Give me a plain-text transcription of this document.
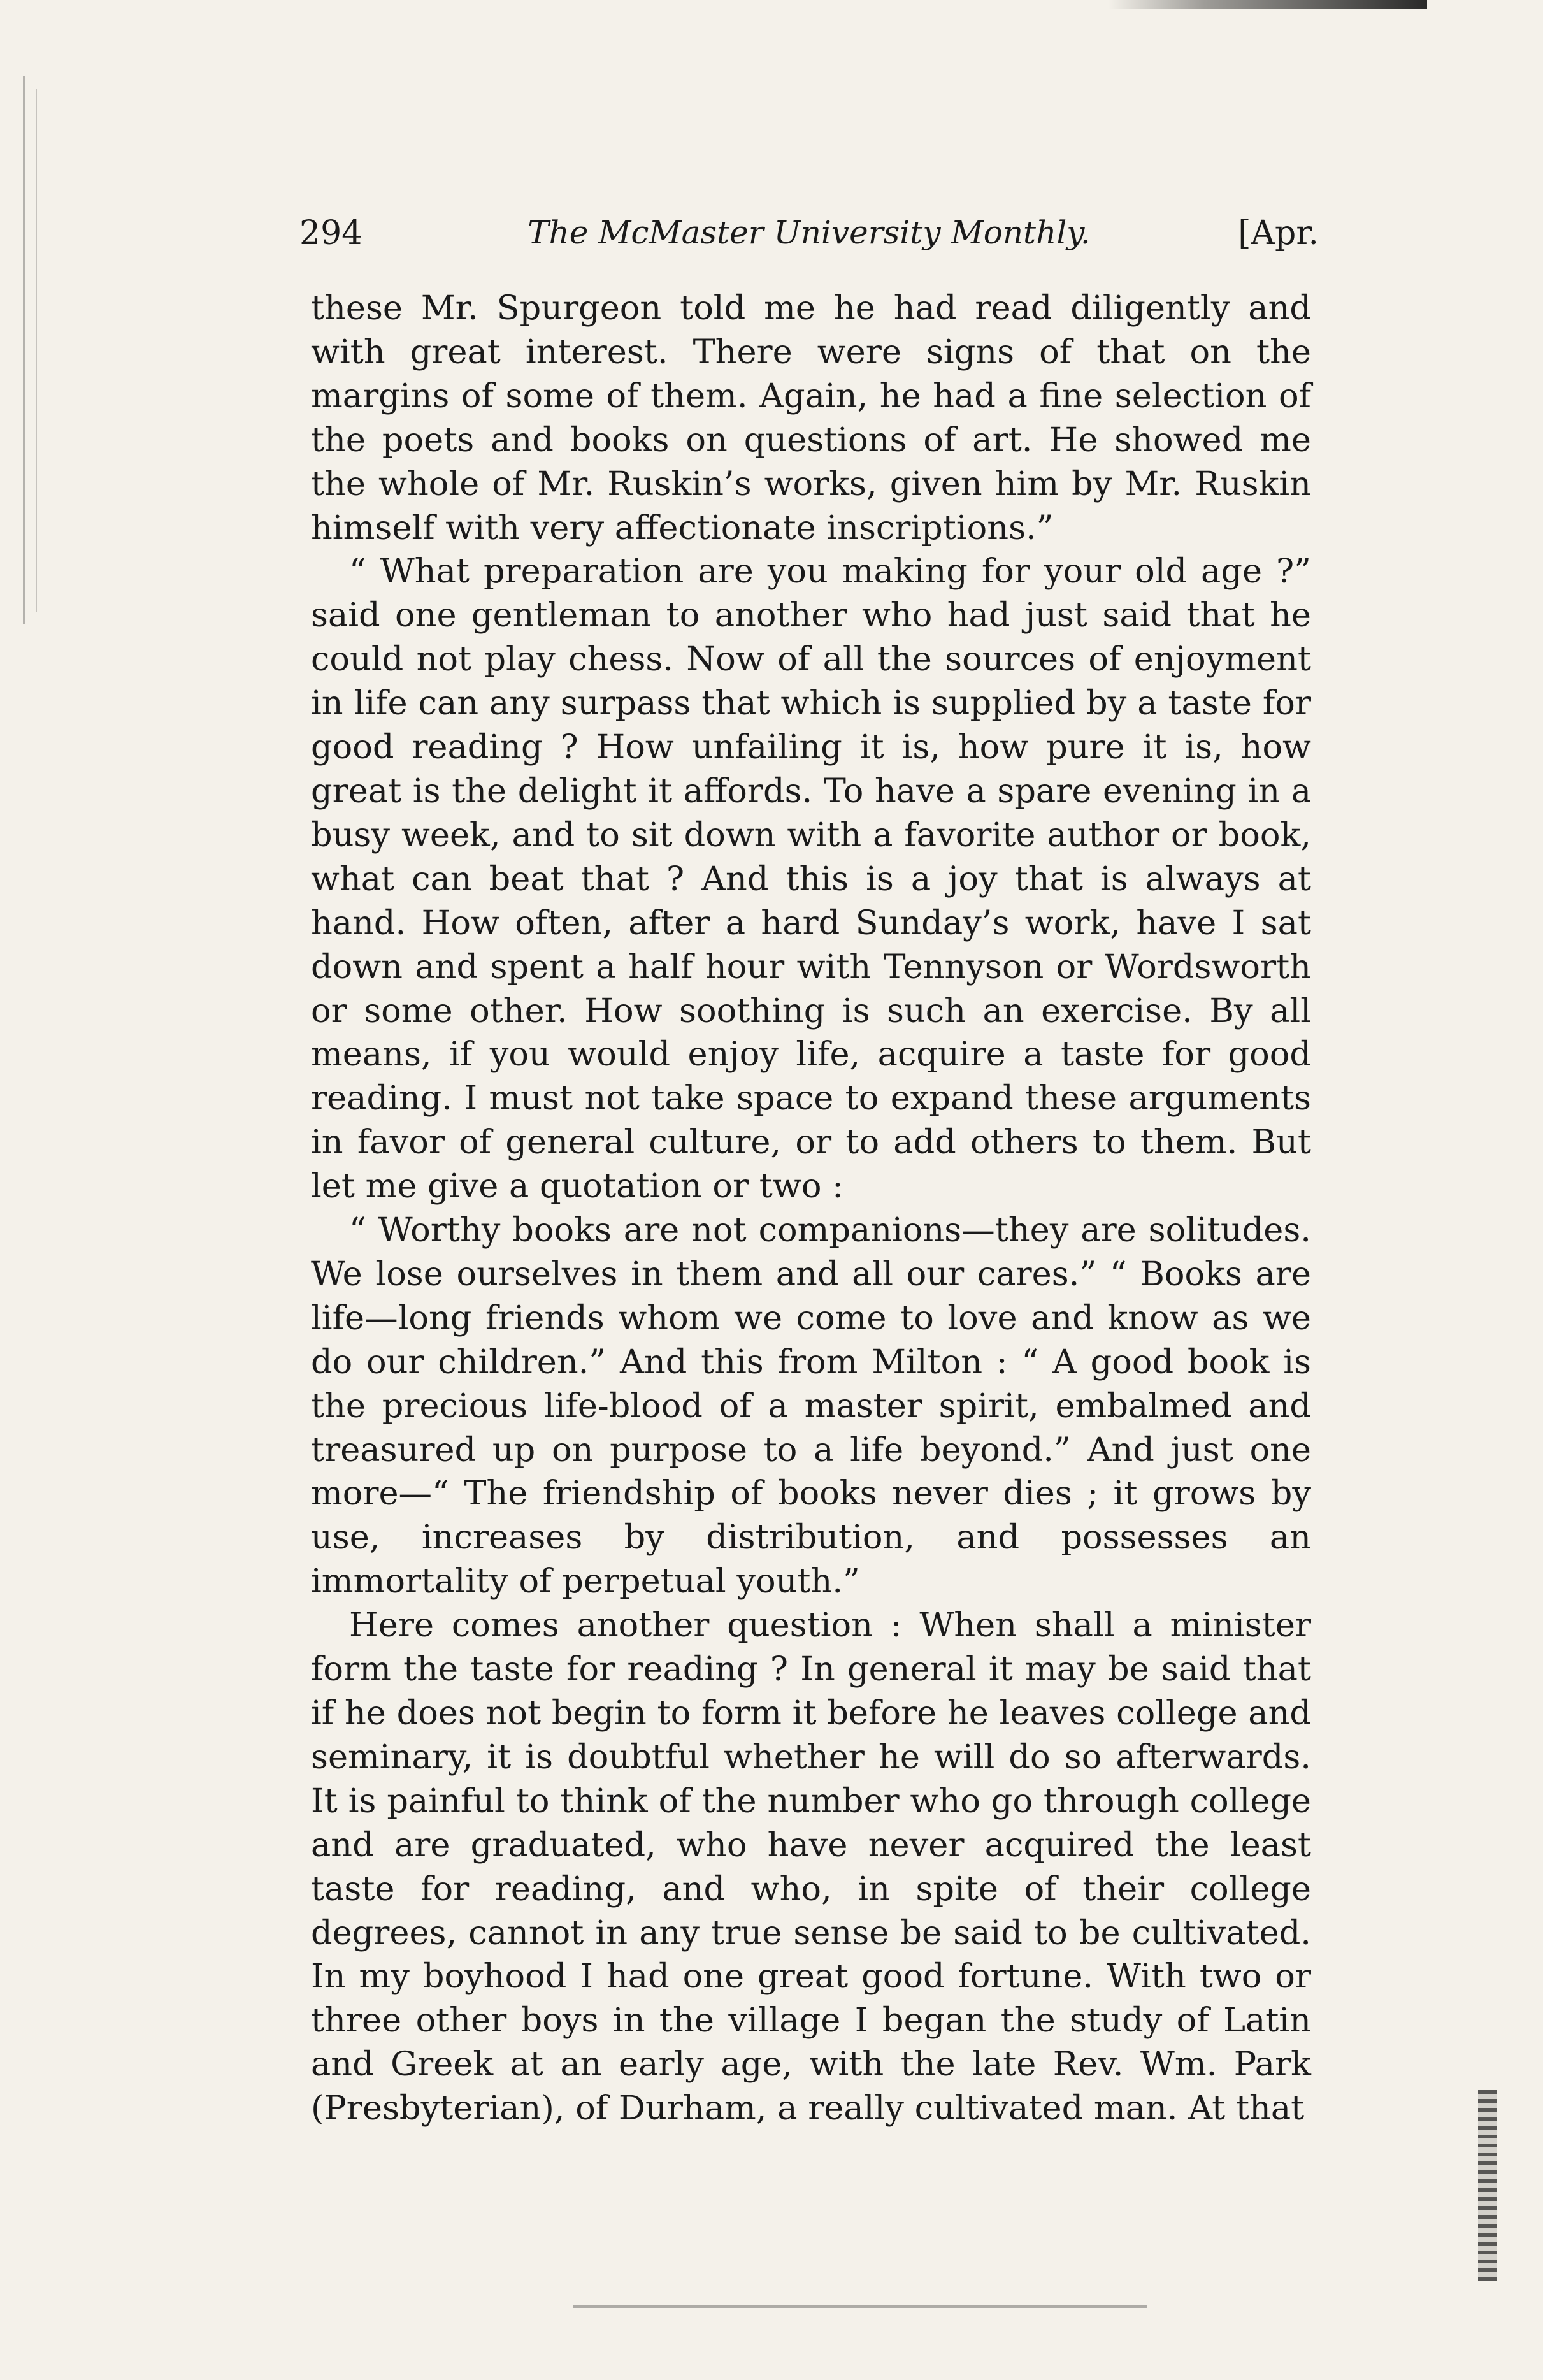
294	The McMaster University Monthly.	[Apr.

these Mr. Spurgeon told me he had read diligently and with great interest. There were signs of that on the margins of some of them. Again, he had a fine selection of the poets and books on questions of art. He showed me the whole of Mr. Ruskin’s works, given him by Mr. Ruskin himself with very affectionate inscriptions.”

“ What preparation are you making for your old age ?” said one gentleman to another who had just said that he could not play chess. Now of all the sources of enjoyment in life can any surpass that which is supplied by a taste for good reading ? How unfailing it is, how pure it is, how great is the delight it affords. To have a spare evening in a busy week, and to sit down with a favorite author or book, what can beat that ? And this is a joy that is always at hand. How often, after a hard Sunday’s work, have I sat down and spent a half hour with Tennyson or Wordsworth or some other. How soothing is such an exercise. By all means, if you would enjoy life, acquire a taste for good reading. I must not take space to expand these arguments in favor of general culture, or to add others to them. But let me give a quotation or two :

“ Worthy books are not companions—they are solitudes. We lose ourselves in them and all our cares.” “ Books are life—long friends whom we come to love and know as we do our children.” And this from Milton : “ A good book is the precious life-blood of a master spirit, embalmed and treasured up on purpose to a life beyond.” And just one more—“ The friendship of books never dies ; it grows by use, increases by distribution, and possesses an immortality of perpetual youth.”

Here comes another question : When shall a minister form the taste for reading ? In general it may be said that if he does not begin to form it before he leaves college and seminary, it is doubtful whether he will do so afterwards. It is painful to think of the number who go through college and are graduated, who have never acquired the least taste for reading, and who, in spite of their college degrees, cannot in any true sense be said to be cultivated. In my boyhood I had one great good fortune. With two or three other boys in the village I began the study of Latin and Greek at an early age, with the late Rev. Wm. Park (Presbyterian), of Durham, a really cultivated man. At that
